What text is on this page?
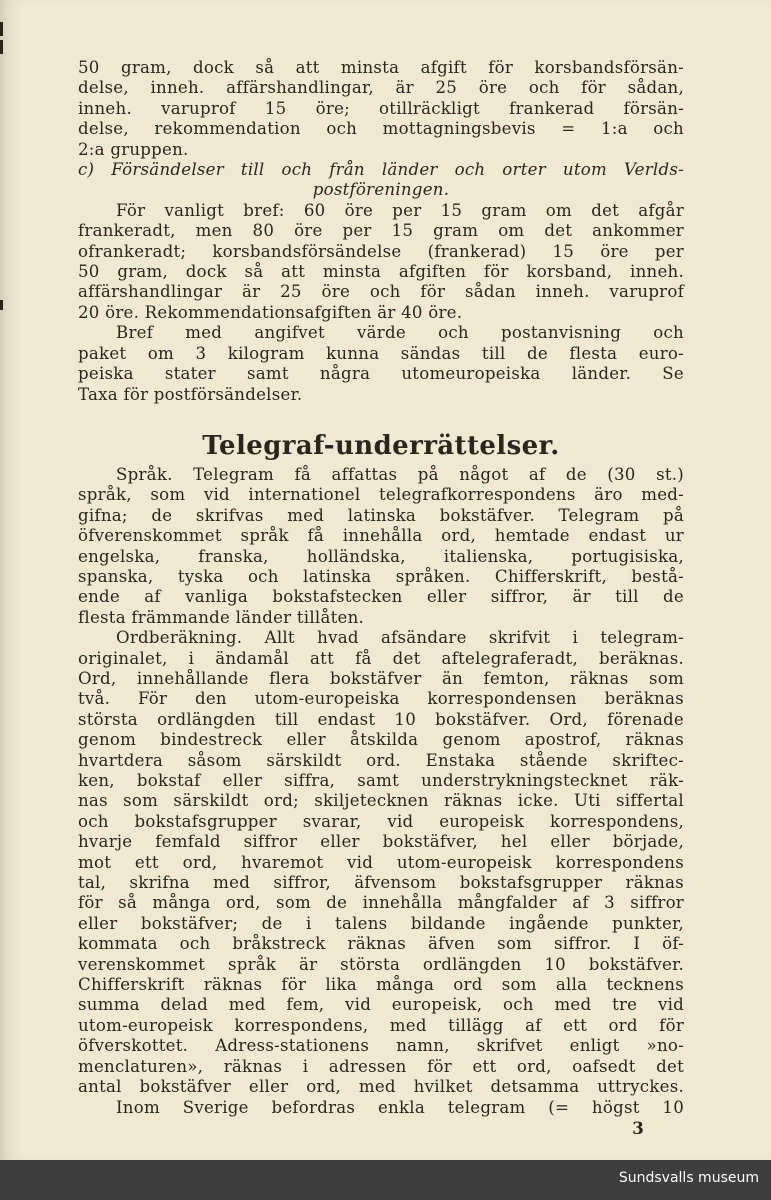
50 gram, dock så att minsta afgift för korsbandsförsän-
delse, inneh. affärshandlingar, är 25 öre och för sådan,
inneh. varuprof 15 öre; otillräckligt frankerad försän-
delse, rekommendation och mottagningsbevis = 1:a och
2:a gruppen.
c) Försändelser till och från länder och orter utom Verlds-
postföreningen.
För vanligt bref: 60 öre per 15 gram om det afgår
frankeradt, men 80 öre per 15 gram om det ankommer
ofrankeradt; korsbandsförsändelse (frankerad) 15 öre per
50 gram, dock så att minsta afgiften för korsband, inneh.
affärshandlingar är 25 öre och för sådan inneh. varuprof
20 öre. Rekommendationsafgiften är 40 öre.
Bref med angifvet värde och postanvisning och
paket om 3 kilogram kunna sändas till de flesta euro-
peiska stater samt några utomeuropeiska länder. Se
Taxa för postförsändelser.
Telegraf-underrättelser.
Språk. Telegram få affattas på något af de (30 st.)
språk, som vid internationel telegrafkorrespondens äro med-
gifna; de skrifvas med latinska bokstäfver. Telegram på
öfverenskommet språk få innehålla ord, hemtade endast ur
engelska, franska, holländska, italienska, portugisiska,
spanska, tyska och latinska språken. Chifferskrift, bestå-
ende af vanliga bokstafstecken eller siffror, är till de
flesta främmande länder tillåten.
Ordberäkning. Allt hvad afsändare skrifvit i telegram-
originalet, i ändamål att få det aftelegraferadt, beräknas.
Ord, innehållande flera bokstäfver än femton, räknas som
två. För den utom-europeiska korrespondensen beräknas
största ordlängden till endast 10 bokstäfver. Ord, förenade
genom bindestreck eller åtskilda genom apostrof, räknas
hvartdera såsom särskildt ord. Enstaka stående skriftec-
ken, bokstaf eller siffra, samt understrykningstecknet räk-
nas som särskildt ord; skiljetecknen räknas icke. Uti siffertal
och bokstafsgrupper svarar, vid europeisk korrespondens,
hvarje femfald siffror eller bokstäfver, hel eller började,
mot ett ord, hvaremot vid utom-europeisk korrespondens
tal, skrifna med siffror, äfvensom bokstafsgrupper räknas
för så många ord, som de innehålla mångfalder af 3 siffror
eller bokstäfver; de i talens bildande ingående punkter,
kommata och bråkstreck räknas äfven som siffror. I öf-
verenskommet språk är största ordlängden 10 bokstäfver.
Chifferskrift räknas för lika många ord som alla tecknens
summa delad med fem, vid europeisk, och med tre vid
utom-europeisk korrespondens, med tillägg af ett ord för
öfverskottet. Adress-stationens namn, skrifvet enligt »no-
menclaturen», räknas i adressen för ett ord, oafsedt det
antal bokstäfver eller ord, med hvilket detsamma uttryckes.
Inom Sverige befordras enkla telegram (= högst 10
3
Sundsvalls museum
